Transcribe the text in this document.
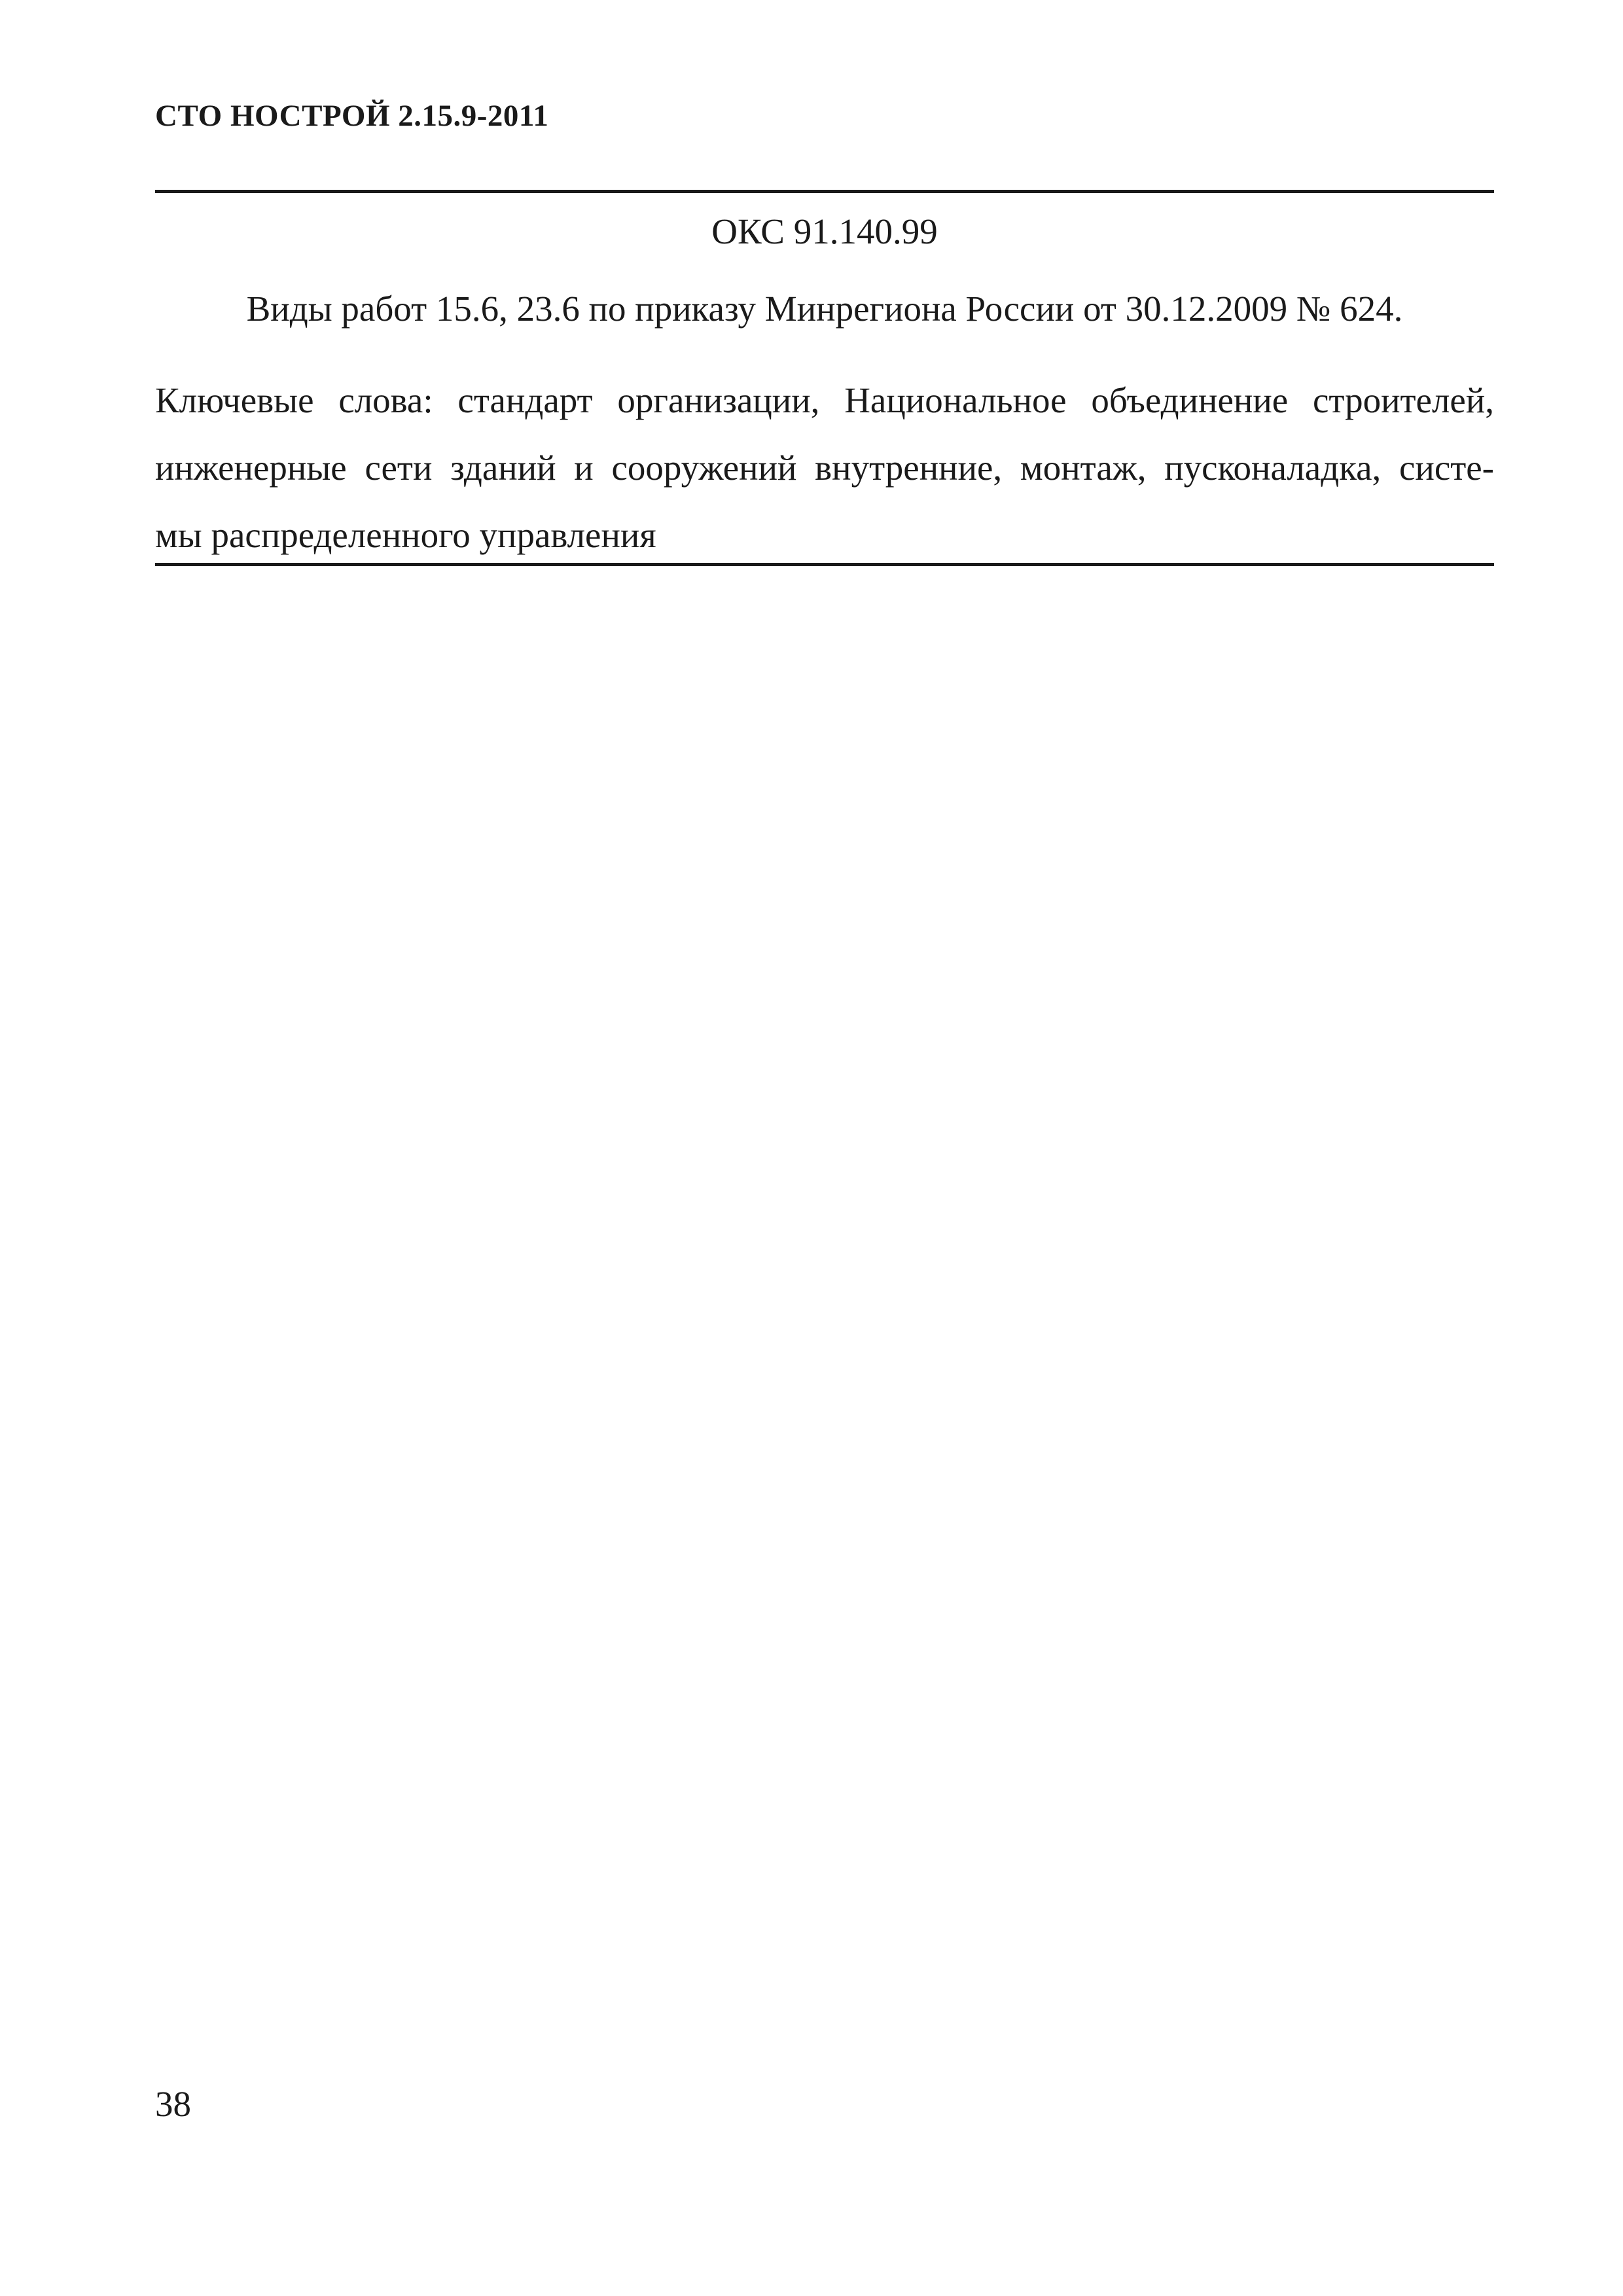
СТО НОСТРОЙ 2.15.9-2011
ОКС 91.140.99
Виды работ 15.6, 23.6 по приказу Минрегиона России от 30.12.2009 № 624.
Ключевые слова: стандарт организации, Национальное объединение строителей,
инженерные сети зданий и сооружений внутренние, монтаж, пусконаладка, систе-
мы распределенного управления
38
